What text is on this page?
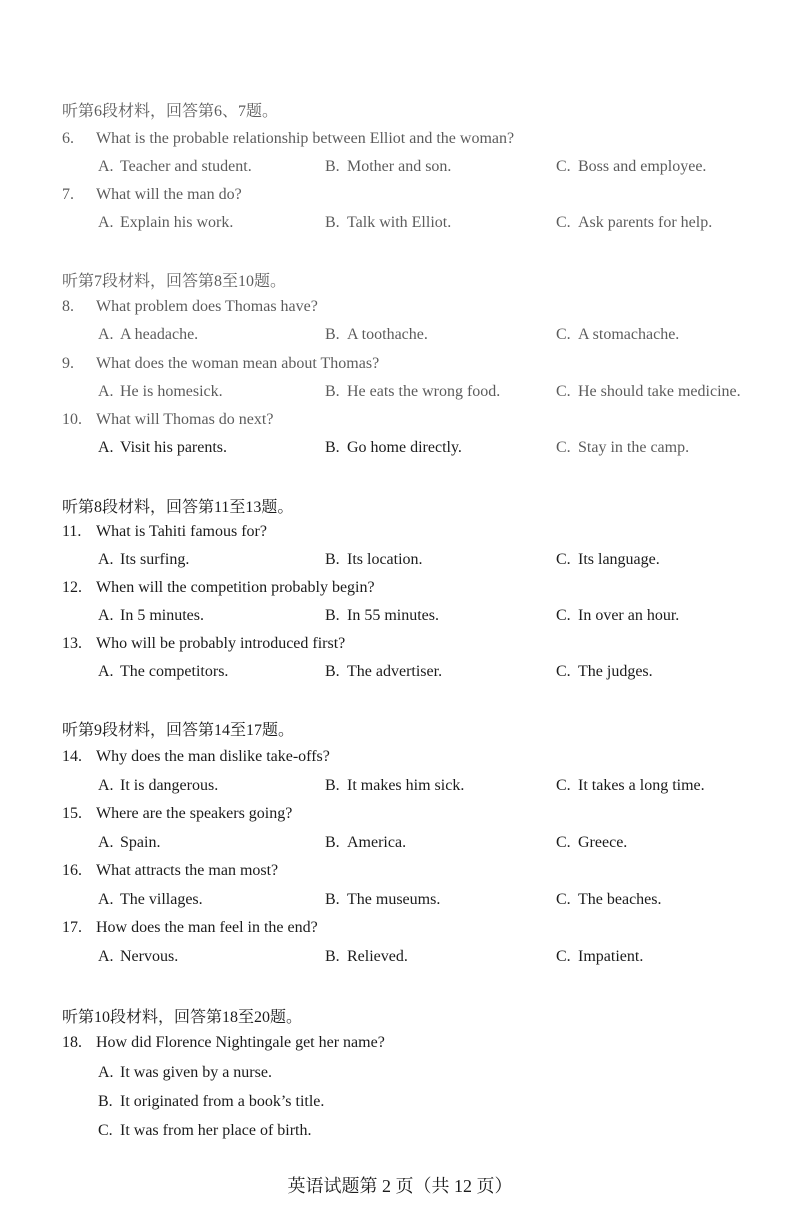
听第6段材料，回答第6、7题。
6. What is the probable relationship between Elliot and the woman?
A. Teacher and student.	B. Mother and son.	C. Boss and employee.
7. What will the man do?
A. Explain his work.	B. Talk with Elliot.	C. Ask parents for help.
听第7段材料，回答第8至10题。
8. What problem does Thomas have?
A. A headache.	B. A toothache.	C. A stomachache.
9. What does the woman mean about Thomas?
A. He is homesick.	B. He eats the wrong food.	C. He should take medicine.
10. What will Thomas do next?
A. Visit his parents.	B. Go home directly.	C. Stay in the camp.
听第8段材料，回答第11至13题。
11. What is Tahiti famous for?
A. Its surfing.	B. Its location.	C. Its language.
12. When will the competition probably begin?
A. In 5 minutes.	B. In 55 minutes.	C. In over an hour.
13. Who will be probably introduced first?
A. The competitors.	B. The advertiser.	C. The judges.
听第9段材料，回答第14至17题。
14. Why does the man dislike take-offs?
A. It is dangerous.	B. It makes him sick.	C. It takes a long time.
15. Where are the speakers going?
A. Spain.	B. America.	C. Greece.
16. What attracts the man most?
A. The villages.	B. The museums.	C. The beaches.
17. How does the man feel in the end?
A. Nervous.	B. Relieved.	C. Impatient.
听第10段材料，回答第18至20题。
18. How did Florence Nightingale get her name?
A. It was given by a nurse.
B. It originated from a book’s title.
C. It was from her place of birth.
英语试题第 2 页（共 12 页）
